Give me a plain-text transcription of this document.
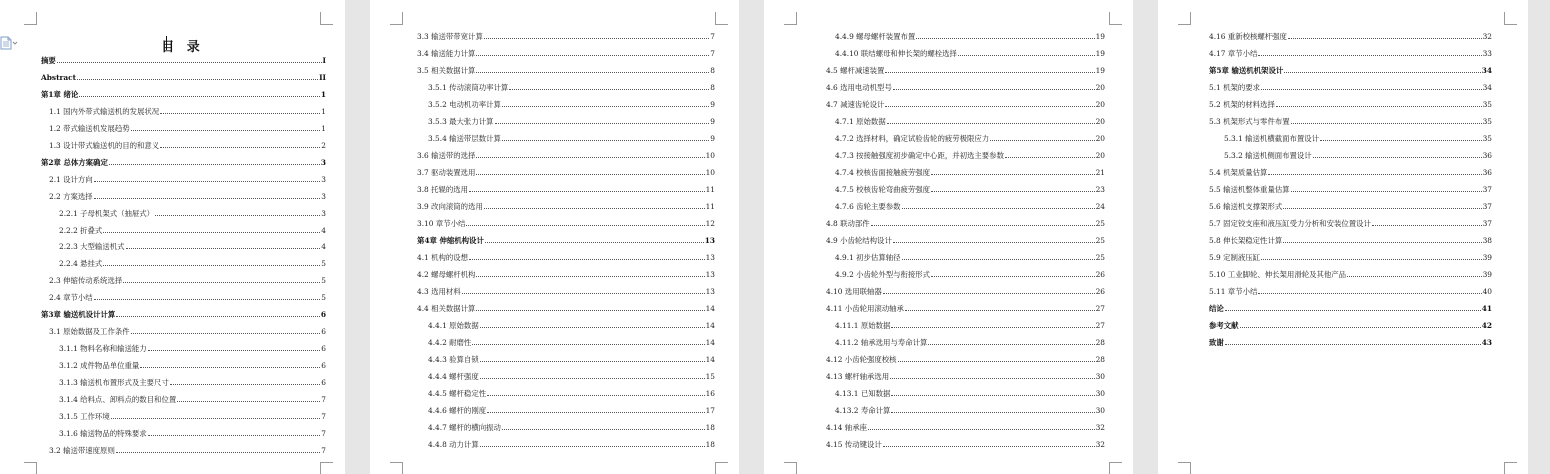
目 录
摘要	I
Abstract	II
第1章 绪论	1
1.1 国内外带式输送机的发展状况	1
1.2 带式输送机发展趋势	1
1.3 设计带式输送机的目的和意义	2
第2章 总体方案确定	3
2.1 设计方向	3
2.2 方案选择	3
2.2.1 子母机架式（抽屉式）	3
2.2.2 折叠式	4
2.2.3 大型输送机式	4
2.2.4 悬挂式	5
2.3 伸缩传动系统选择	5
2.4 章节小结	5
第3章 输送机设计计算	6
3.1 原始数据及工作条件	6
3.1.1 物料名称和输送能力	6
3.1.2 成件物品单位重量	6
3.1.3 输送机布置形式及主要尺寸	6
3.1.4 给料点、卸料点的数目和位置	7
3.1.5 工作环境	7
3.1.6 输送物品的特殊要求	7
3.2 输送带速度原则	7
3.3 输送带带宽计算	7
3.4 输送能力计算	7
3.5 相关数据计算	8
3.5.1 传动滚筒功率计算	8
3.5.2 电动机功率计算	9
3.5.3 最大张力计算	9
3.5.4 输送带层数计算	9
3.6 输送带的选择	10
3.7 驱动装置选用	10
3.8 托辊的选用	11
3.9 改向滚筒的选用	11
3.10 章节小结	12
第4章 伸缩机构设计	13
4.1 机构的设想	13
4.2 螺母螺杆机构	13
4.3 选用材料	13
4.4 相关数据计算	14
4.4.1 原始数据	14
4.4.2 耐磨性	14
4.4.3 验算自锁	14
4.4.4 螺杆强度	15
4.4.5 螺杆稳定性	16
4.4.6 螺杆的刚度	17
4.4.7 螺杆的横向振动	18
4.4.8 动力计算	18
4.4.9 螺母螺杆装置布置	19
4.4.10 联结螺母和伸长架的螺栓选择	19
4.5 螺杆减速装置	19
4.6 选用电动机型号	20
4.7 减速齿轮设计	20
4.7.1 原始数据	20
4.7.2 选择材料，确定试验齿轮的疲劳极限应力	20
4.7.3 按接触强度初步确定中心距，并初选主要参数	20
4.7.4 校核齿面接触疲劳强度	21
4.7.5 校核齿轮弯曲疲劳强度	23
4.7.6 齿轮主要参数	24
4.8 联动部件	25
4.9 小齿轮结构设计	25
4.9.1 初步估算轴径	25
4.9.2 小齿轮外型与衔接形式	26
4.10 选用联轴器	26
4.11 小齿轮用滚动轴承	27
4.11.1 原始数据	27
4.11.2 轴承选用与寿命计算	28
4.12 小齿轮强度校核	28
4.13 螺杆轴承选用	30
4.13.1 已知数据	30
4.13.2 寿命计算	30
4.14 轴承座	32
4.15 传动键设计	32
4.16 重新校核螺杆强度	32
4.17 章节小结	33
第5章 输送机机架设计	34
5.1 机架的要求	34
5.2 机架的材料选择	35
5.3 机架形式与零件布置	35
5.3.1 输送机横截面布置设计	35
5.3.2 输送机侧面布置设计	36
5.4 机架质量估算	36
5.5 输送机整体重量估算	37
5.6 输送机支撑架形式	37
5.7 固定铰支座和液压缸受力分析和安装位置设计	37
5.8 伸长架稳定性计算	38
5.9 定制液压缸	39
5.10 工业脚轮、伸长架用滑轮及其他产品	39
5.11 章节小结	40
结论	41
参考文献	42
致谢	43
